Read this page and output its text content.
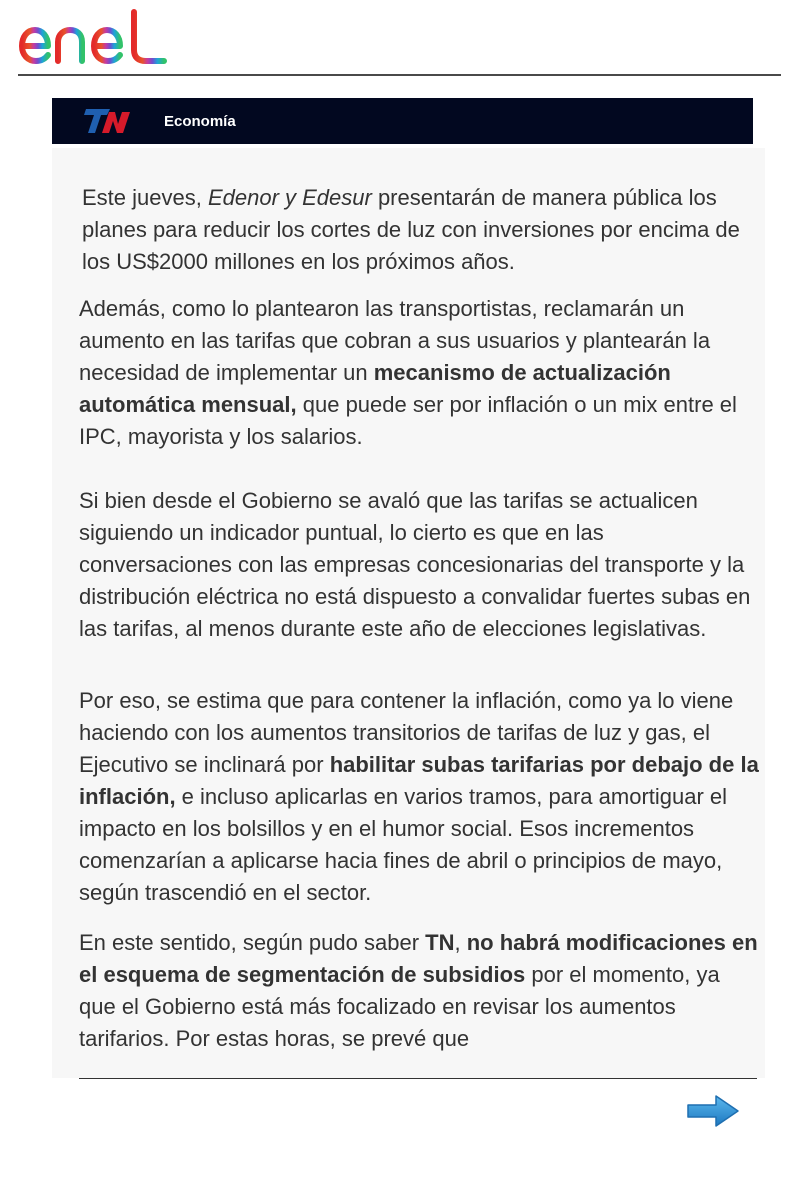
Economía

Este jueves, Edenor y Edesur presentarán de manera pública los planes para reducir los cortes de luz con inversiones por encima de los US$2000 millones en los próximos años.

Además, como lo plantearon las transportistas, reclamarán un aumento en las tarifas que cobran a sus usuarios y plantearán la necesidad de implementar un mecanismo de actualización automática mensual, que puede ser por inflación o un mix entre el IPC, mayorista y los salarios.

Si bien desde el Gobierno se avaló que las tarifas se actualicen siguiendo un indicador puntual, lo cierto es que en las conversaciones con las empresas concesionarias del transporte y la distribución eléctrica no está dispuesto a convalidar fuertes subas en las tarifas, al menos durante este año de elecciones legislativas.

Por eso, se estima que para contener la inflación, como ya lo viene haciendo con los aumentos transitorios de tarifas de luz y gas, el Ejecutivo se inclinará por habilitar subas tarifarias por debajo de la inflación, e incluso aplicarlas en varios tramos, para amortiguar el impacto en los bolsillos y en el humor social. Esos incrementos comenzarían a aplicarse hacia fines de abril o principios de mayo, según trascendió en el sector.

En este sentido, según pudo saber TN, no habrá modificaciones en el esquema de segmentación de subsidios por el momento, ya que el Gobierno está más focalizado en revisar los aumentos tarifarios. Por estas horas, se prevé que
